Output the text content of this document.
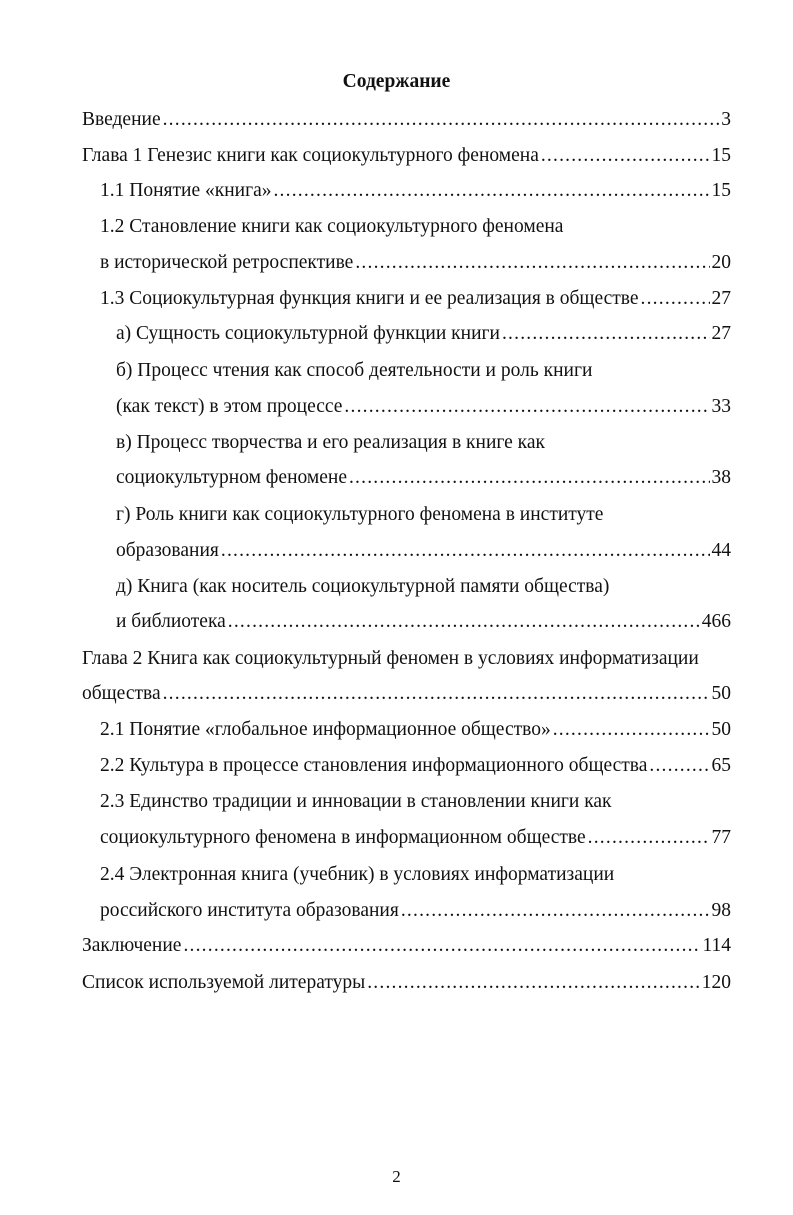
Содержание
Введение .....	3
Глава 1 Генезис книги как социокультурного феномена .....	15
1.1 Понятие «книга» .....	15
1.2 Становление книги как социокультурного феномена
в исторической ретроспективе .....	20
1.3 Социокультурная функция книги и ее реализация в обществе .....	27
а) Сущность социокультурной функции книги .....	27
б) Процесс чтения как способ деятельности и роль книги
(как текст) в этом процессе .....	33
в) Процесс творчества и его реализация в книге как
социокультурном феномене .....	38
г) Роль книги как социокультурного феномена в институте
образования .....	44
д) Книга (как носитель социокультурной памяти общества)
и библиотека .....	466
Глава 2 Книга как социокультурный феномен в условиях информатизации
общества .....	50
2.1 Понятие «глобальное информационное общество» .....	50
2.2 Культура в процессе становления информационного общества .....	65
2.3 Единство традиции и инновации в становлении книги как
социокультурного феномена в информационном обществе .....	77
2.4 Электронная книга (учебник) в условиях информатизации
российского института образования .....	98
Заключение .....	114
Список используемой литературы .....	120
2
